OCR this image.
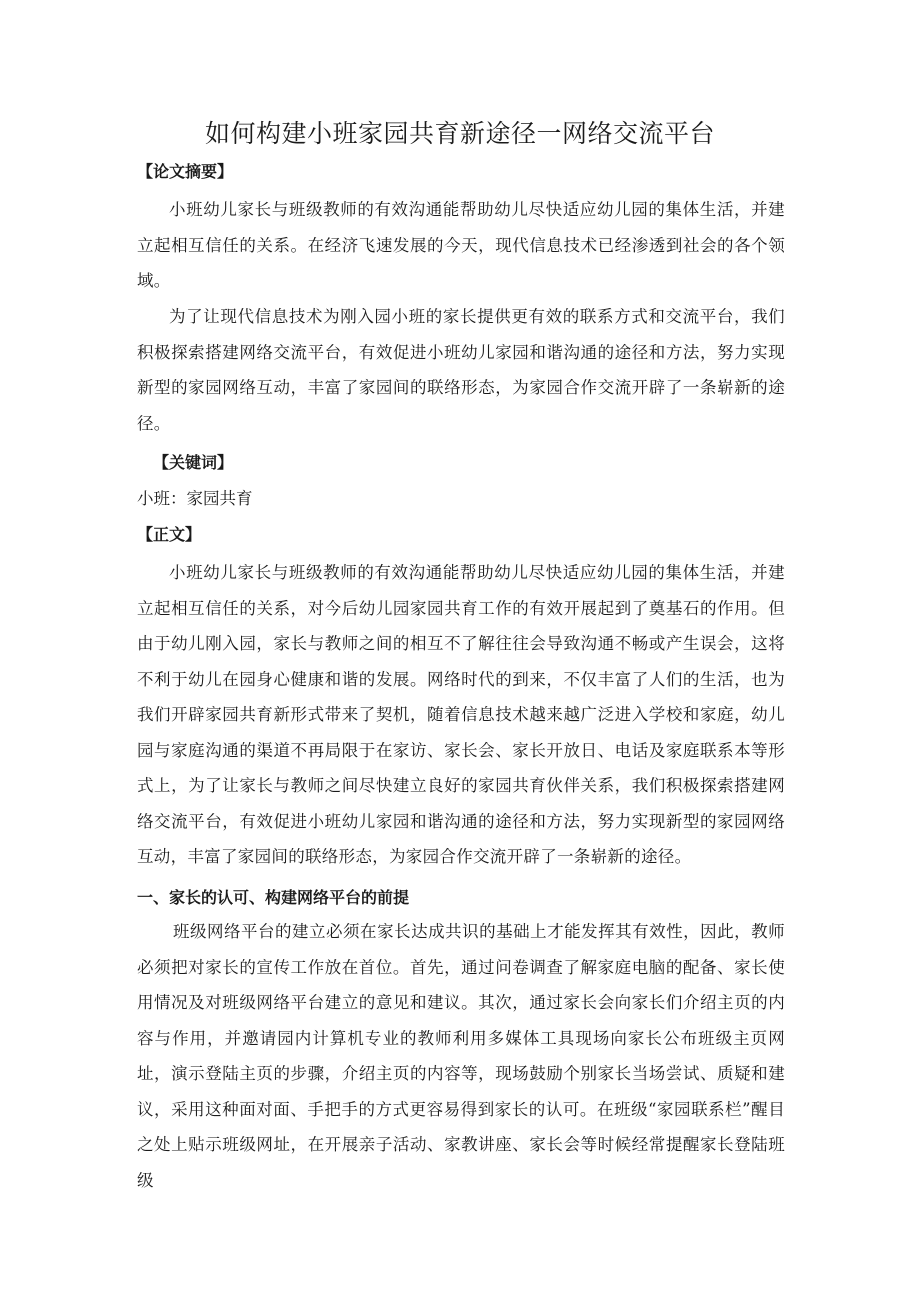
如何构建小班家园共育新途径一网络交流平台
【论文摘要】
小班幼儿家长与班级教师的有效沟通能帮助幼儿尽快适应幼儿园的集体生活，并建立起相互信任的关系。在经济飞速发展的今天，现代信息技术已经渗透到社会的各个领域。
为了让现代信息技术为刚入园小班的家长提供更有效的联系方式和交流平台，我们积极探索搭建网络交流平台，有效促进小班幼儿家园和谐沟通的途径和方法，努力实现新型的家园网络互动，丰富了家园间的联络形态，为家园合作交流开辟了一条崭新的途径。
【关键词】
小班：家园共育
【正文】
小班幼儿家长与班级教师的有效沟通能帮助幼儿尽快适应幼儿园的集体生活，并建立起相互信任的关系，对今后幼儿园家园共育工作的有效开展起到了奠基石的作用。但由于幼儿刚入园，家长与教师之间的相互不了解往往会导致沟通不畅或产生误会，这将不利于幼儿在园身心健康和谐的发展。网络时代的到来，不仅丰富了人们的生活，也为我们开辟家园共育新形式带来了契机，随着信息技术越来越广泛进入学校和家庭，幼儿园与家庭沟通的渠道不再局限于在家访、家长会、家长开放日、电话及家庭联系本等形式上，为了让家长与教师之间尽快建立良好的家园共育伙伴关系，我们积极探索搭建网络交流平台，有效促进小班幼儿家园和谐沟通的途径和方法，努力实现新型的家园网络互动，丰富了家园间的联络形态，为家园合作交流开辟了一条崭新的途径。
一、家长的认可、构建网络平台的前提
班级网络平台的建立必须在家长达成共识的基础上才能发挥其有效性，因此，教师必须把对家长的宣传工作放在首位。首先，通过问卷调查了解家庭电脑的配备、家长使用情况及对班级网络平台建立的意见和建议。其次，通过家长会向家长们介绍主页的内容与作用，并邀请园内计算机专业的教师利用多媒体工具现场向家长公布班级主页网址，演示登陆主页的步骤，介绍主页的内容等，现场鼓励个别家长当场尝试、质疑和建议，采用这种面对面、手把手的方式更容易得到家长的认可。在班级“家园联系栏”醒目之处上贴示班级网址，在开展亲子活动、家教讲座、家长会等时候经常提醒家长登陆班级
